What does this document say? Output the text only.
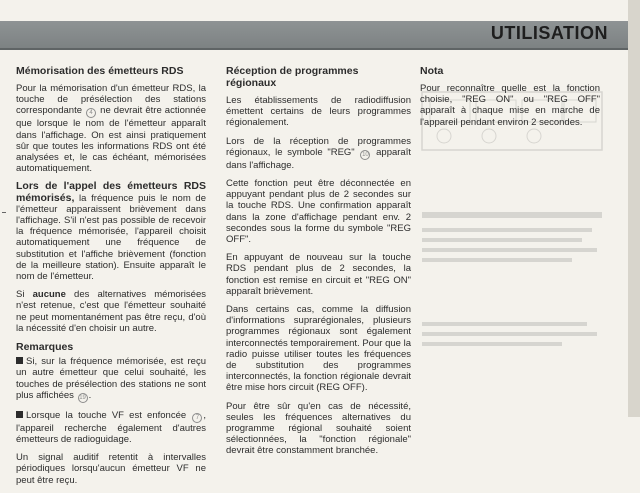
UTILISATION
Mémorisation des émetteurs RDS

Pour la mémorisation d'un émetteur RDS, la touche de présélection des stations correspondante 4 ne devrait être actionnée que lorsque le nom de l'émetteur apparaît dans l'affichage. On est ainsi pratiquement sûr que toutes les informations RDS ont été analysées et, le cas échéant, mémorisées automatiquement.

Lors de l'appel des émetteurs RDS mémorisés, la fréquence puis le nom de l'émetteur apparaissent brièvement dans l'affichage. S'il n'est pas possible de recevoir la fréquence mémorisée, l'appareil choisit automatiquement une fréquence de substitution et l'affiche brièvement (fonction de la meilleure station). Ensuite apparaît le nom de l'émetteur.

Si aucune des alternatives mémorisées n'est retenue, c'est que l'émetteur souhaité ne peut momentanément pas être reçu, d'où la nécessité d'en choisir un autre.

Remarques

Si, sur la fréquence mémorisée, est reçu un autre émetteur que celui souhaité, les touches de présélection des stations ne sont plus affichées 19 .

Lorsque la touche VF est enfoncée 7 , l'appareil recherche également d'autres émetteurs de radioguidage.

Un signal auditif retentit à intervalles périodiques lorsqu'aucun émetteur VF ne peut être reçu.

Réception de programmes régionaux

Les établissements de radiodiffusion émettent certains de leurs programmes régionalement.

Lors de la réception de programmes régionaux, le symbole "REG" 10 apparaît dans l'affichage.

Cette fonction peut être déconnectée en appuyant pendant plus de 2 secondes sur la touche RDS. Une confirmation apparaît dans la zone d'affichage pendant env. 2 secondes sous la forme du symbole "REG OFF".

En appuyant de nouveau sur la touche RDS pendant plus de 2 secondes, la fonction est remise en circuit et "REG ON" apparaît brièvement.

Dans certains cas, comme la diffusion d'informations suprarégionales, plusieurs programmes régionaux sont également interconnectés temporairement. Pour que la radio puisse utiliser toutes les fréquences de substitution des programmes interconnectés, la fonction régionale devrait être mise hors circuit (REG OFF).

Pour être sûr qu'en cas de nécessité, seules les fréquences alternatives du programme régional souhaité soient sélectionnées, la "fonction régionale" devrait être constamment branchée.

Nota

Pour reconnaître quelle est la fonction choisie, "REG ON" ou "REG OFF" apparaît à chaque mise en marche de l'appareil pendant environ 2 secondes.
